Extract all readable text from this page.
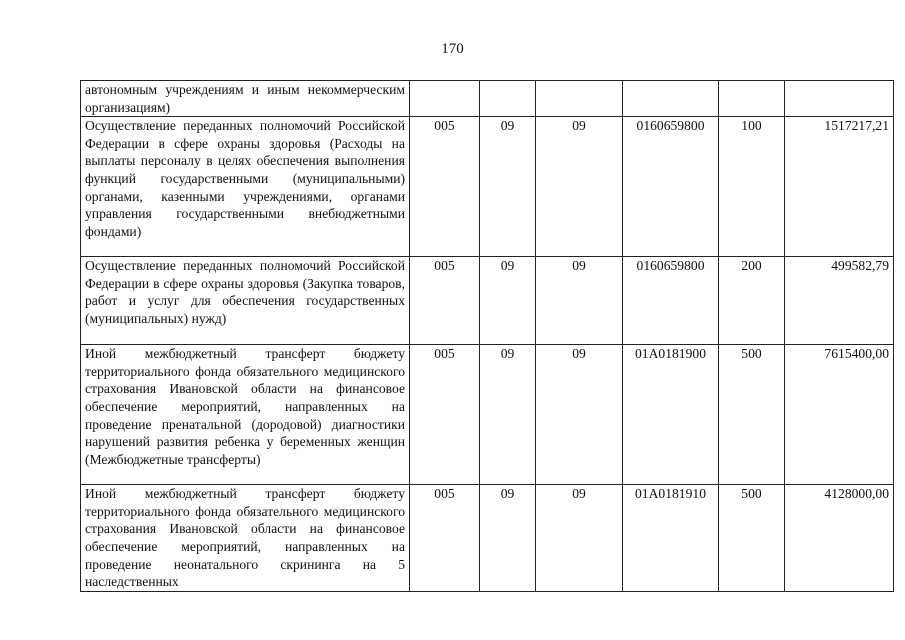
170
автономным учреждениям и иным некоммерческим организациям)						
Осуществление переданных полномочий Российской Федерации в сфере охраны здоровья (Расходы на выплаты персоналу в целях обеспечения выполнения функций государственными (муниципальными) органами, казенными учреждениями, органами управления государственными внебюджетными фондами)	005	09	09	0160659800	100	1517217,21
Осуществление переданных полномочий Российской Федерации в сфере охраны здоровья (Закупка товаров, работ и услуг для обеспечения государственных (муниципальных) нужд)	005	09	09	0160659800	200	499582,79
Иной межбюджетный трансферт бюджету территориального фонда обязательного медицинского страхования Ивановской области на финансовое обеспечение мероприятий, направленных на проведение пренатальной (дородовой) диагностики нарушений развития ребенка у беременных женщин (Межбюджетные трансферты)	005	09	09	01А0181900	500	7615400,00
Иной межбюджетный трансферт бюджету территориального фонда обязательного медицинского страхования Ивановской области на финансовое обеспечение мероприятий, направленных на проведение неонатального скрининга на 5 наследственных	005	09	09	01А0181910	500	4128000,00
